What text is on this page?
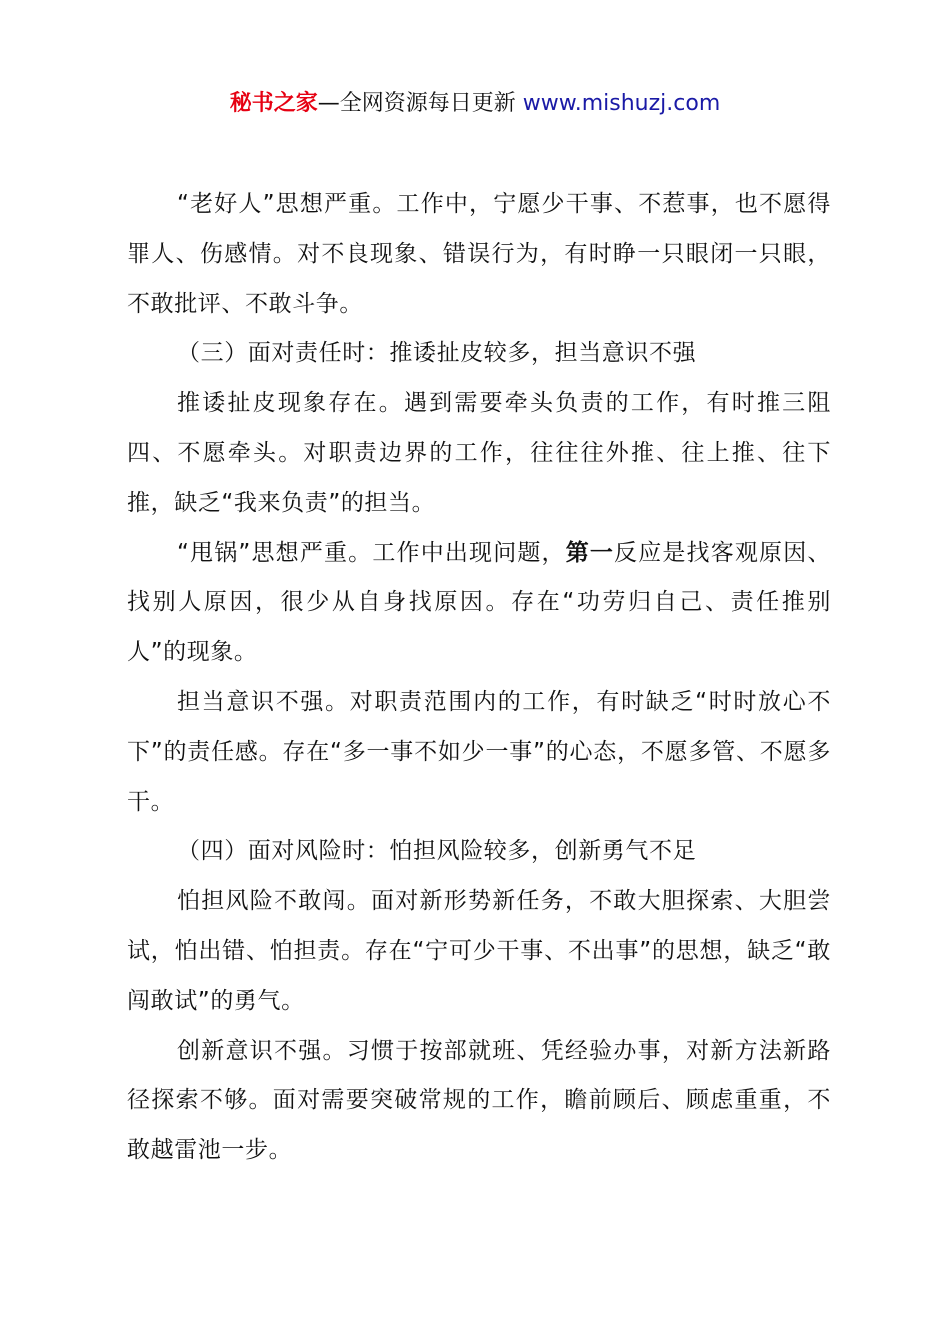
秘书之家—全网资源每日更新 www.mishuzj.com

“老好人”思想严重。工作中，宁愿少干事、不惹事，也不愿得罪人、伤感情。对不良现象、错误行为，有时睁一只眼闭一只眼，不敢批评、不敢斗争。

（三）面对责任时：推诿扯皮较多，担当意识不强

推诿扯皮现象存在。遇到需要牵头负责的工作，有时推三阻四、不愿牵头。对职责边界的工作，往往往外推、往上推、往下推，缺乏“我来负责”的担当。

“甩锅”思想严重。工作中出现问题，第一反应是找客观原因、找别人原因，很少从自身找原因。存在“功劳归自己、责任推别人”的现象。

担当意识不强。对职责范围内的工作，有时缺乏“时时放心不下”的责任感。存在“多一事不如少一事”的心态，不愿多管、不愿多干。

（四）面对风险时：怕担风险较多，创新勇气不足

怕担风险不敢闯。面对新形势新任务，不敢大胆探索、大胆尝试，怕出错、怕担责。存在“宁可少干事、不出事”的思想，缺乏“敢闯敢试”的勇气。

创新意识不强。习惯于按部就班、凭经验办事，对新方法新路径探索不够。面对需要突破常规的工作，瞻前顾后、顾虑重重，不敢越雷池一步。
